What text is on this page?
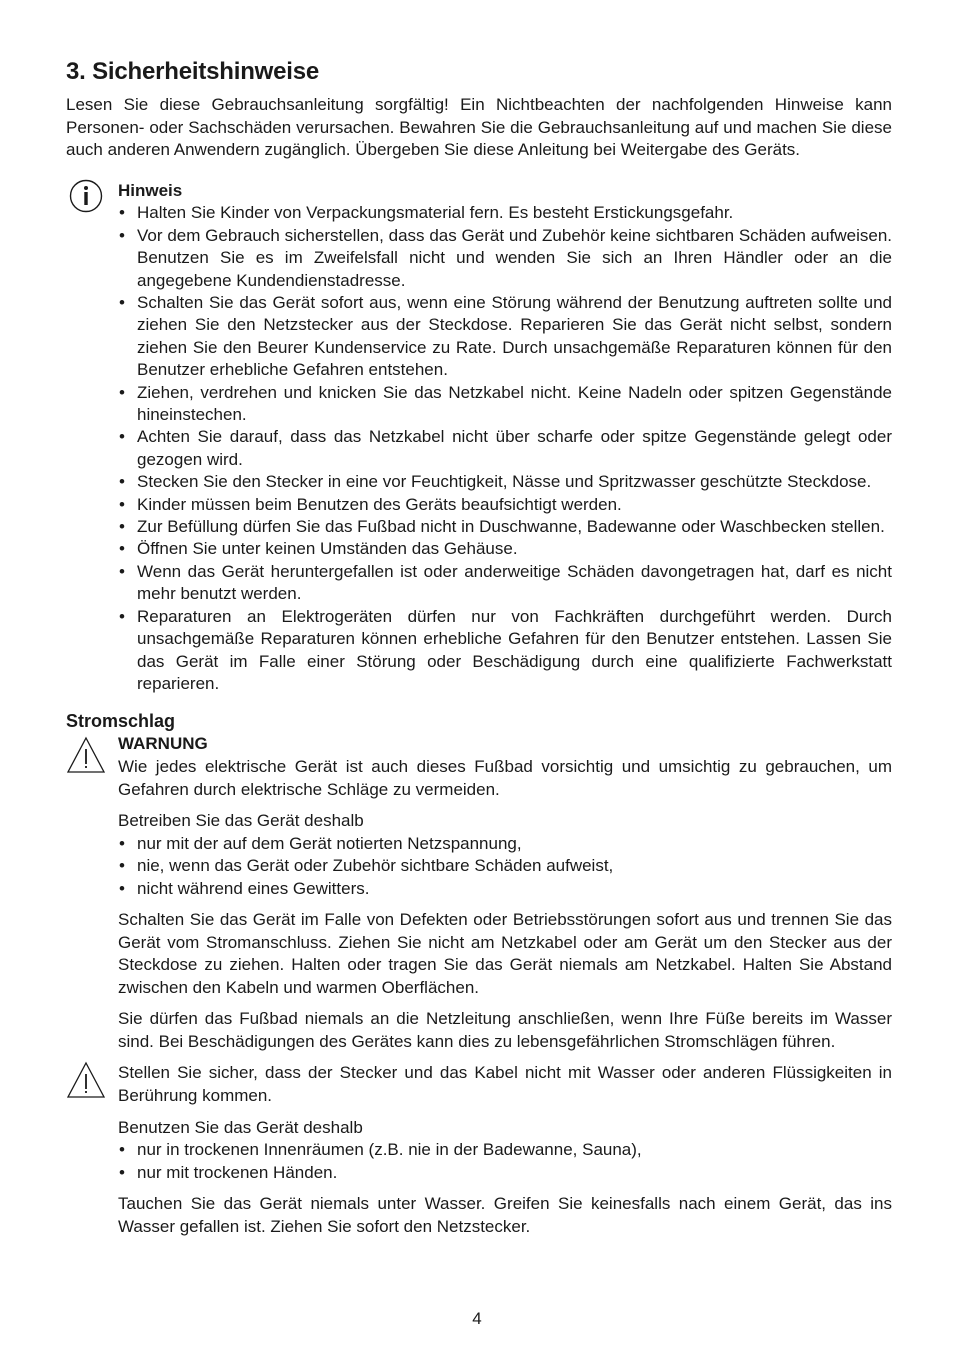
3. Sicherheitshinweise

Lesen Sie diese Gebrauchsanleitung sorgfältig! Ein Nichtbeachten der nachfolgenden Hinweise kann Personen- oder Sachschäden verursachen. Bewahren Sie die Gebrauchsanleitung auf und machen Sie diese auch anderen Anwendern zugänglich. Übergeben Sie diese Anleitung bei Weitergabe des Geräts.

Hinweis
• Halten Sie Kinder von Verpackungsmaterial fern. Es besteht Erstickungsgefahr.
• Vor dem Gebrauch sicherstellen, dass das Gerät und Zubehör keine sichtbaren Schäden aufweisen. Benutzen Sie es im Zweifelsfall nicht und wenden Sie sich an Ihren Händler oder an die angegebene Kundendienstadresse.
• Schalten Sie das Gerät sofort aus, wenn eine Störung während der Benutzung auftreten sollte und ziehen Sie den Netzstecker aus der Steckdose. Reparieren Sie das Gerät nicht selbst, sondern ziehen Sie den Beurer Kundenservice zu Rate. Durch unsachgemäße Reparaturen können für den Benutzer erhebliche Gefahren entstehen.
• Ziehen, verdrehen und knicken Sie das Netzkabel nicht. Keine Nadeln oder spitzen Gegenstände hineinstechen.
• Achten Sie darauf, dass das Netzkabel nicht über scharfe oder spitze Gegenstände gelegt oder gezogen wird.
• Stecken Sie den Stecker in eine vor Feuchtigkeit, Nässe und Spritzwasser geschützte Steckdose.
• Kinder müssen beim Benutzen des Geräts beaufsichtigt werden.
• Zur Befüllung dürfen Sie das Fußbad nicht in Duschwanne, Badewanne oder Waschbecken stellen.
• Öffnen Sie unter keinen Umständen das Gehäuse.
• Wenn das Gerät heruntergefallen ist oder anderweitige Schäden davongetragen hat, darf es nicht mehr benutzt werden.
• Reparaturen an Elektrogeräten dürfen nur von Fachkräften durchgeführt werden. Durch unsachgemäße Reparaturen können erhebliche Gefahren für den Benutzer entstehen. Lassen Sie das Gerät im Falle einer Störung oder Beschädigung durch eine qualifizierte Fachwerkstatt reparieren.
Stromschlag
WARNUNG

Wie jedes elektrische Gerät ist auch dieses Fußbad vorsichtig und umsichtig zu gebrauchen, um Gefahren durch elektrische Schläge zu vermeiden.

Betreiben Sie das Gerät deshalb

• nur mit der auf dem Gerät notierten Netzspannung,
• nie, wenn das Gerät oder Zubehör sichtbare Schäden aufweist,
• nicht während eines Gewitters.

Schalten Sie das Gerät im Falle von Defekten oder Betriebsstörungen sofort aus und trennen Sie das Gerät vom Stromanschluss. Ziehen Sie nicht am Netzkabel oder am Gerät um den Stecker aus der Steckdose zu ziehen. Halten oder tragen Sie das Gerät niemals am Netzkabel. Halten Sie Abstand zwischen den Kabeln und warmen Oberflächen.

Sie dürfen das Fußbad niemals an die Netzleitung anschließen, wenn Ihre Füße bereits im Wasser sind. Bei Beschädigungen des Gerätes kann dies zu lebensgefährlichen Stromschlägen führen.

Stellen Sie sicher, dass der Stecker und das Kabel nicht mit Wasser oder anderen Flüssigkeiten in Berührung kommen.

Benutzen Sie das Gerät deshalb

• nur in trockenen Innenräumen (z.B. nie in der Badewanne, Sauna),
• nur mit trockenen Händen.

Tauchen Sie das Gerät niemals unter Wasser. Greifen Sie keinesfalls nach einem Gerät, das ins Wasser gefallen ist. Ziehen Sie sofort den Netzstecker.

4
